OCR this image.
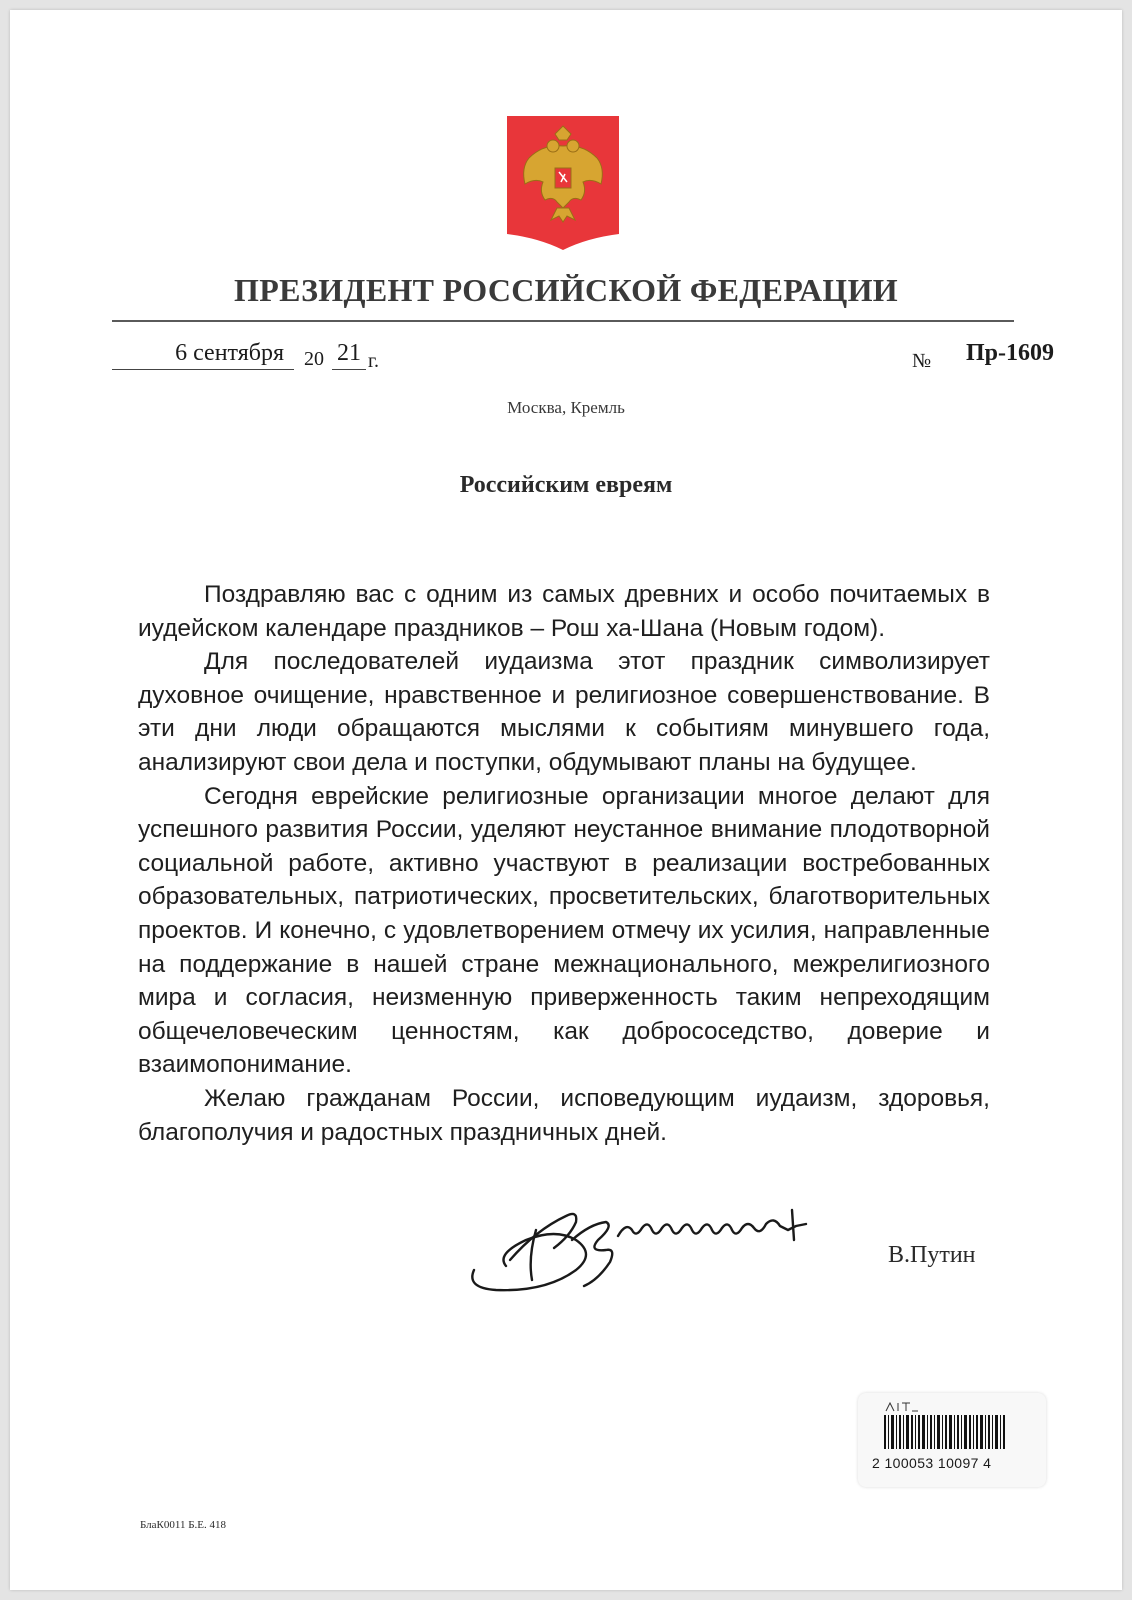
ПРЕЗИДЕНТ РОССИЙСКОЙ ФЕДЕРАЦИИ
6 сентября	20 21 г.	№ Пр-1609
Москва, Кремль
Российским евреям

Поздравляю вас с одним из самых древних и особо почитаемых в иудейском календаре праздников – Рош ха-Шана (Новым годом).

Для последователей иудаизма этот праздник символизирует духовное очищение, нравственное и религиозное совершенствование. В эти дни люди обращаются мыслями к событиям минувшего года, анализируют свои дела и поступки, обдумывают планы на будущее.

Сегодня еврейские религиозные организации многое делают для успешного развития России, уделяют неустанное внимание плодотворной социальной работе, активно участвуют в реализации востребованных образовательных, патриотических, просветительских, благотворительных проектов. И конечно, с удовлетворением отмечу их усилия, направленные на поддержание в нашей стране межнационального, межрелигиозного мира и согласия, неизменную приверженность таким непреходящим общечеловеческим ценностям, как добрососедство, доверие и взаимопонимание.

Желаю гражданам России, исповедующим иудаизм, здоровья, благополучия и радостных праздничных дней.

В.Путин
2 100053 10097 4
БлаК0011 Б.Е. 418
